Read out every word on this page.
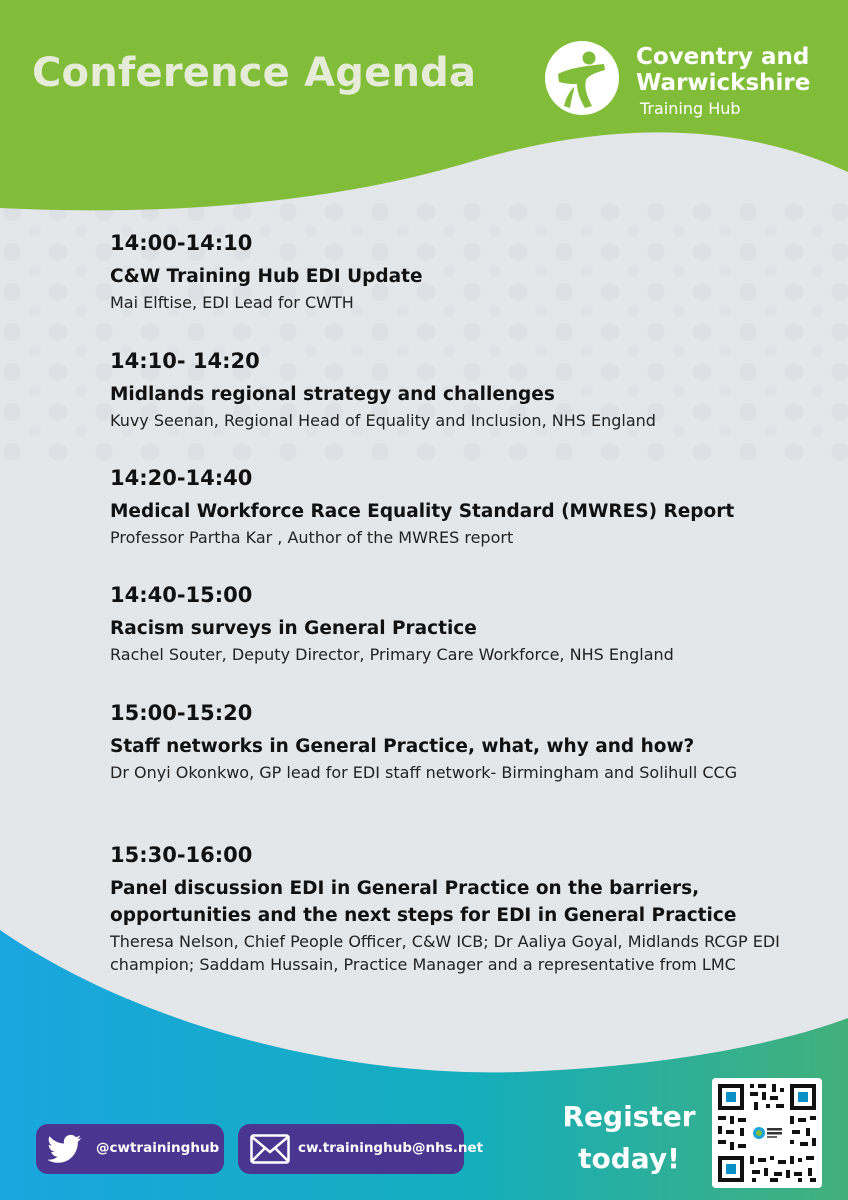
Conference Agenda	Coventry and
Warwickshire
Training Hub
14:00-14:10
C&W Training Hub EDI Update
Mai Elftise, EDI Lead for CWTH
14:10- 14:20
Midlands regional strategy and challenges
Kuvy Seenan, Regional Head of Equality and Inclusion, NHS England
14:20-14:40
Medical Workforce Race Equality Standard (MWRES) Report
Professor Partha Kar , Author of the MWRES report
14:40-15:00
Racism surveys in General Practice
Rachel Souter, Deputy Director, Primary Care Workforce, NHS England
15:00-15:20
Staff networks in General Practice, what, why and how?
Dr Onyi Okonkwo, GP lead for EDI staff network- Birmingham and Solihull CCG
15:30-16:00
Panel discussion EDI in General Practice on the barriers, opportunities and the next steps for EDI in General Practice
Theresa Nelson, Chief People Officer, C&W ICB; Dr Aaliya Goyal, Midlands RCGP EDI champion; Saddam Hussain, Practice Manager and a representative from LMC
@cwtraininghub	cw.traininghub@nhs.net
Register today!
